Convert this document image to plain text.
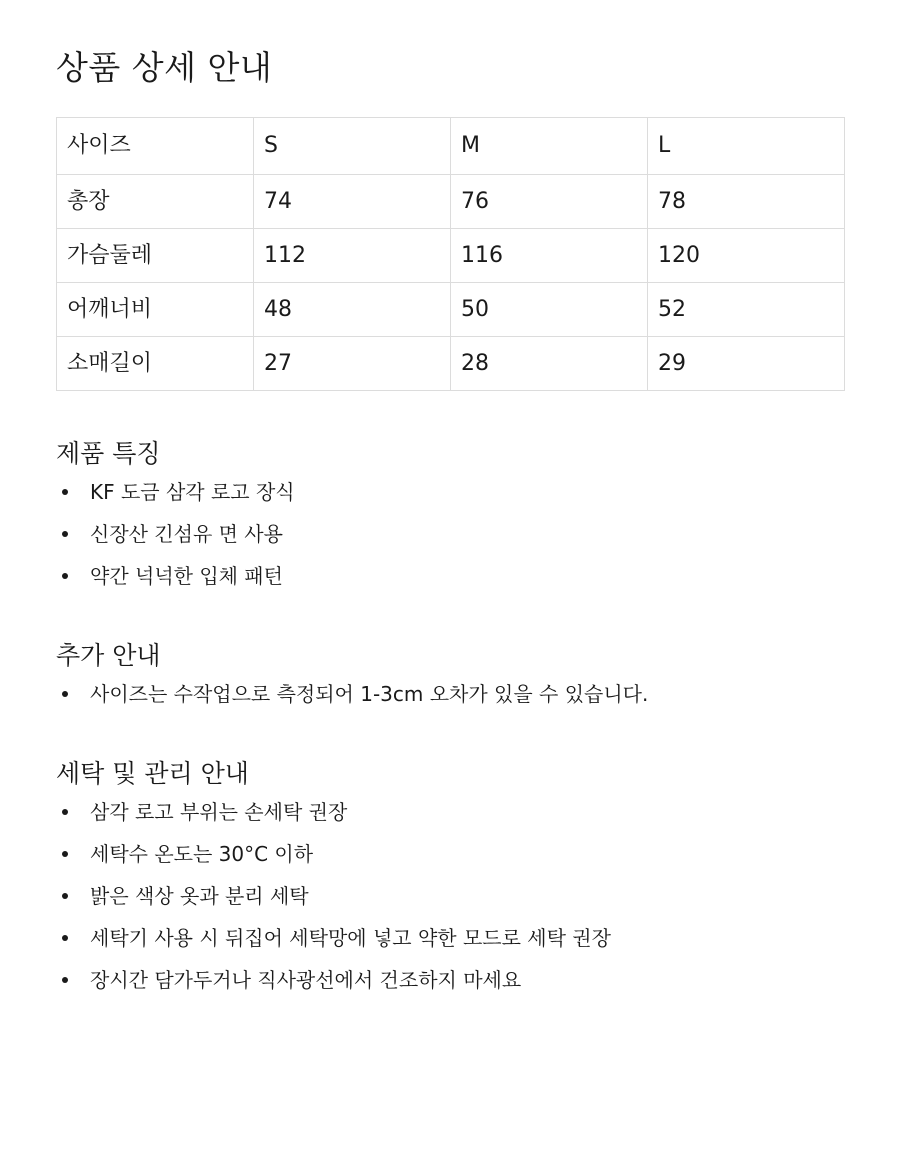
상품 상세 안내
사이즈	S	M	L
총장	74	76	78
가슴둘레	112	116	120
어깨너비	48	50	52
소매길이	27	28	29
제품 특징
KF 도금 삼각 로고 장식
신장산 긴섬유 면 사용
약간 넉넉한 입체 패턴
추가 안내
사이즈는 수작업으로 측정되어 1-3cm 오차가 있을 수 있습니다.
세탁 및 관리 안내
삼각 로고 부위는 손세탁 권장
세탁수 온도는 30°C 이하
밝은 색상 옷과 분리 세탁
세탁기 사용 시 뒤집어 세탁망에 넣고 약한 모드로 세탁 권장
장시간 담가두거나 직사광선에서 건조하지 마세요
